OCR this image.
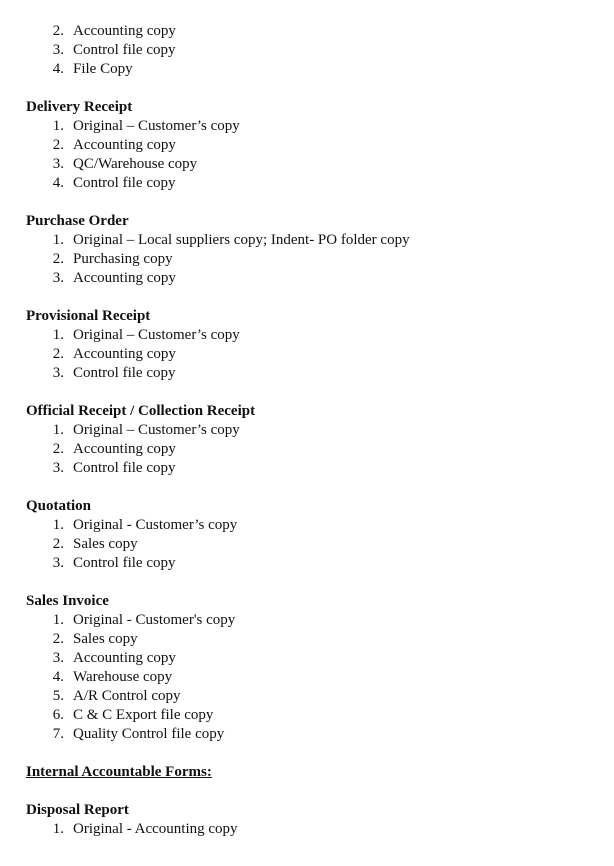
2. Accounting copy
3. Control file copy
4. File Copy
Delivery Receipt
1. Original – Customer’s copy
2. Accounting copy
3. QC/Warehouse copy
4. Control file copy
Purchase Order
1. Original – Local suppliers copy; Indent- PO folder copy
2. Purchasing copy
3. Accounting copy
Provisional Receipt
1. Original – Customer’s copy
2. Accounting copy
3. Control file copy
Official Receipt / Collection Receipt
1. Original – Customer’s copy
2. Accounting copy
3. Control file copy
Quotation
1. Original - Customer’s copy
2. Sales copy
3. Control file copy
Sales Invoice
1. Original - Customer's copy
2. Sales copy
3. Accounting copy
4. Warehouse copy
5. A/R Control copy
6. C & C Export file copy
7. Quality Control file copy
Internal Accountable Forms:
Disposal Report
1. Original - Accounting copy
